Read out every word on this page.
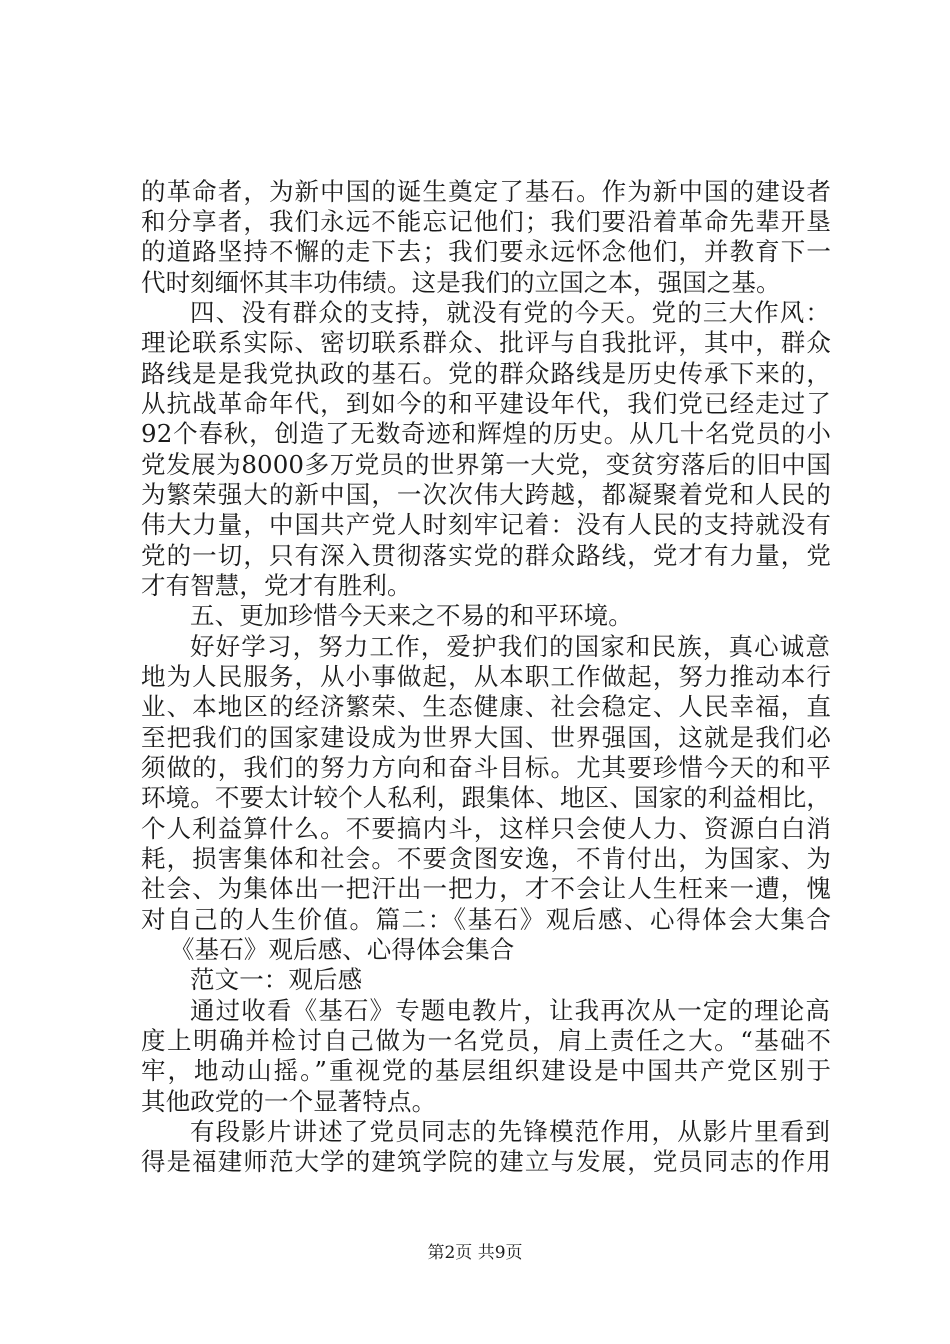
的革命者，为新中国的诞生奠定了基石。作为新中国的建设者
和分享者，我们永远不能忘记他们；我们要沿着革命先辈开垦
的道路坚持不懈的走下去；我们要永远怀念他们，并教育下一
代时刻缅怀其丰功伟绩。这是我们的立国之本，强国之基。
四、没有群众的支持，就没有党的今天。党的三大作风：
理论联系实际、密切联系群众、批评与自我批评，其中，群众
路线是是我党执政的基石。党的群众路线是历史传承下来的，
从抗战革命年代，到如今的和平建设年代，我们党已经走过了
92个春秋，创造了无数奇迹和辉煌的历史。从几十名党员的小
党发展为8000多万党员的世界第一大党，变贫穷落后的旧中国
为繁荣强大的新中国，一次次伟大跨越，都凝聚着党和人民的
伟大力量，中国共产党人时刻牢记着：没有人民的支持就没有
党的一切，只有深入贯彻落实党的群众路线，党才有力量，党
才有智慧，党才有胜利。
五、更加珍惜今天来之不易的和平环境。
好好学习，努力工作，爱护我们的国家和民族，真心诚意
地为人民服务，从小事做起，从本职工作做起，努力推动本行
业、本地区的经济繁荣、生态健康、社会稳定、人民幸福，直
至把我们的国家建设成为世界大国、世界强国，这就是我们必
须做的，我们的努力方向和奋斗目标。尤其要珍惜今天的和平
环境。不要太计较个人私利，跟集体、地区、国家的利益相比，
个人利益算什么。不要搞内斗，这样只会使人力、资源白白消
耗，损害集体和社会。不要贪图安逸，不肯付出，为国家、为
社会、为集体出一把汗出一把力，才不会让人生枉来一遭，愧
对自己的人生价值。篇二：《基石》观后感、心得体会大集合
《基石》观后感、心得体会集合
范文一：观后感
通过收看《基石》专题电教片，让我再次从一定的理论高
度上明确并检讨自己做为一名党员，肩上责任之大。“基础不
牢，地动山摇。”重视党的基层组织建设是中国共产党区别于
其他政党的一个显著特点。
有段影片讲述了党员同志的先锋模范作用，从影片里看到
得是福建师范大学的建筑学院的建立与发展，党员同志的作用
第2页 共9页
